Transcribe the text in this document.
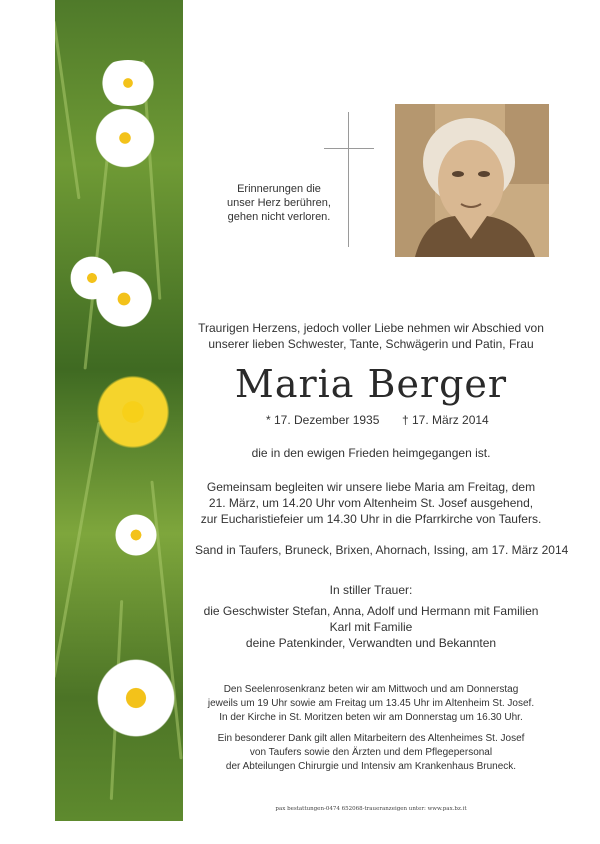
Erinnerungen die
unser Herz berühren,
gehen nicht verloren.
Traurigen Herzens, jedoch voller Liebe nehmen wir Abschied von
unserer lieben Schwester, Tante, Schwägerin und Patin, Frau
Maria Berger
* 17. Dezember 1935 † 17. März 2014
die in den ewigen Frieden heimgegangen ist.
Gemeinsam begleiten wir unsere liebe Maria am Freitag, dem
21. März, um 14.20 Uhr vom Altenheim St. Josef ausgehend,
zur Eucharistiefeier um 14.30 Uhr in die Pfarrkirche von Taufers.
Sand in Taufers, Bruneck, Brixen, Ahornach, Issing, am 17. März 2014
In stiller Trauer:
die Geschwister Stefan, Anna, Adolf und Hermann mit Familien
Karl mit Familie
deine Patenkinder, Verwandten und Bekannten
Den Seelenrosenkranz beten wir am Mittwoch und am Donnerstag
jeweils um 19 Uhr sowie am Freitag um 13.45 Uhr im Altenheim St. Josef.
In der Kirche in St. Moritzen beten wir am Donnerstag um 16.30 Uhr.
Ein besonderer Dank gilt allen Mitarbeitern des Altenheimes St. Josef
von Taufers sowie den Ärzten und dem Pflegepersonal
der Abteilungen Chirurgie und Intensiv am Krankenhaus Bruneck.
pax bestattungen-0474 652068-traueranzeigen unter: www.pax.bz.it
